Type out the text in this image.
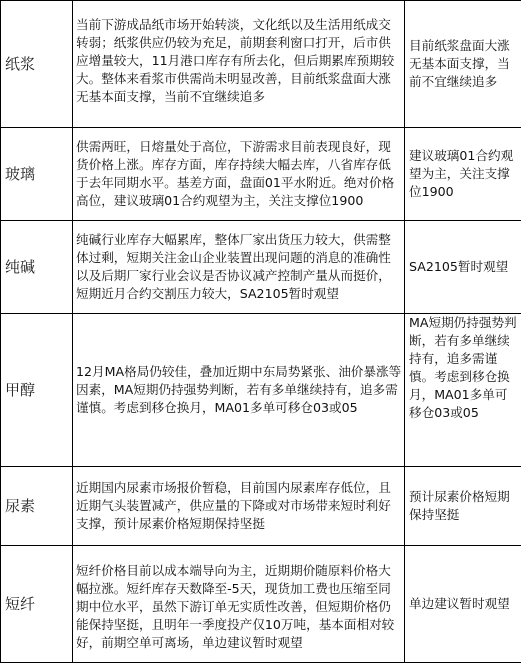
纸浆	当前下游成品纸市场开始转淡，文化纸以及生活用纸成交转弱；纸浆供应仍较为充足，前期套利窗口打开，后市供应增量较大，11月港口库存有所去化，但后期累库预期较大。整体来看浆市供需尚未明显改善，目前纸浆盘面大涨无基本面支撑，当前不宜继续追多	目前纸浆盘面大涨无基本面支撑，当前不宜继续追多
玻璃	供需两旺，日熔量处于高位，下游需求目前表现良好，现货价格上涨。库存方面，库存持续大幅去库，八省库存低于去年同期水平。基差方面，盘面01平水附近。绝对价格高位，建议玻璃01合约观望为主，关注支撑位1900	建议玻璃01合约观望为主，关注支撑位1900
纯碱	纯碱行业库存大幅累库，整体厂家出货压力较大，供需整体过剩，短期关注金山企业装置出现问题的消息的准确性以及后期厂家行业会议是否协议减产控制产量从而挺价，短期近月合约交割压力较大，SA2105暂时观望	SA2105暂时观望
甲醇	12月MA格局仍较佳，叠加近期中东局势紧张、油价暴涨等因素，MA短期仍持强势判断，若有多单继续持有，追多需谨慎。考虑到移仓换月，MA01多单可移仓03或05	MA短期仍持强势判断，若有多单继续持有，追多需谨慎。考虑到移仓换月，MA01多单可移仓03或05
尿素	近期国内尿素市场报价暂稳，目前国内尿素库存低位，且近期气头装置减产，供应量的下降或对市场带来短时利好支撑，预计尿素价格短期保持坚挺	预计尿素价格短期保持坚挺
短纤	短纤价格目前以成本端导向为主，近期期价随原料价格大幅拉涨。短纤库存天数降至-5天，现货加工费也压缩至同期中位水平，虽然下游订单无实质性改善，但短期价格仍能保持坚挺，且明年一季度投产仅10万吨，基本面相对较好，前期空单可离场，单边建议暂时观望	单边建议暂时观望
